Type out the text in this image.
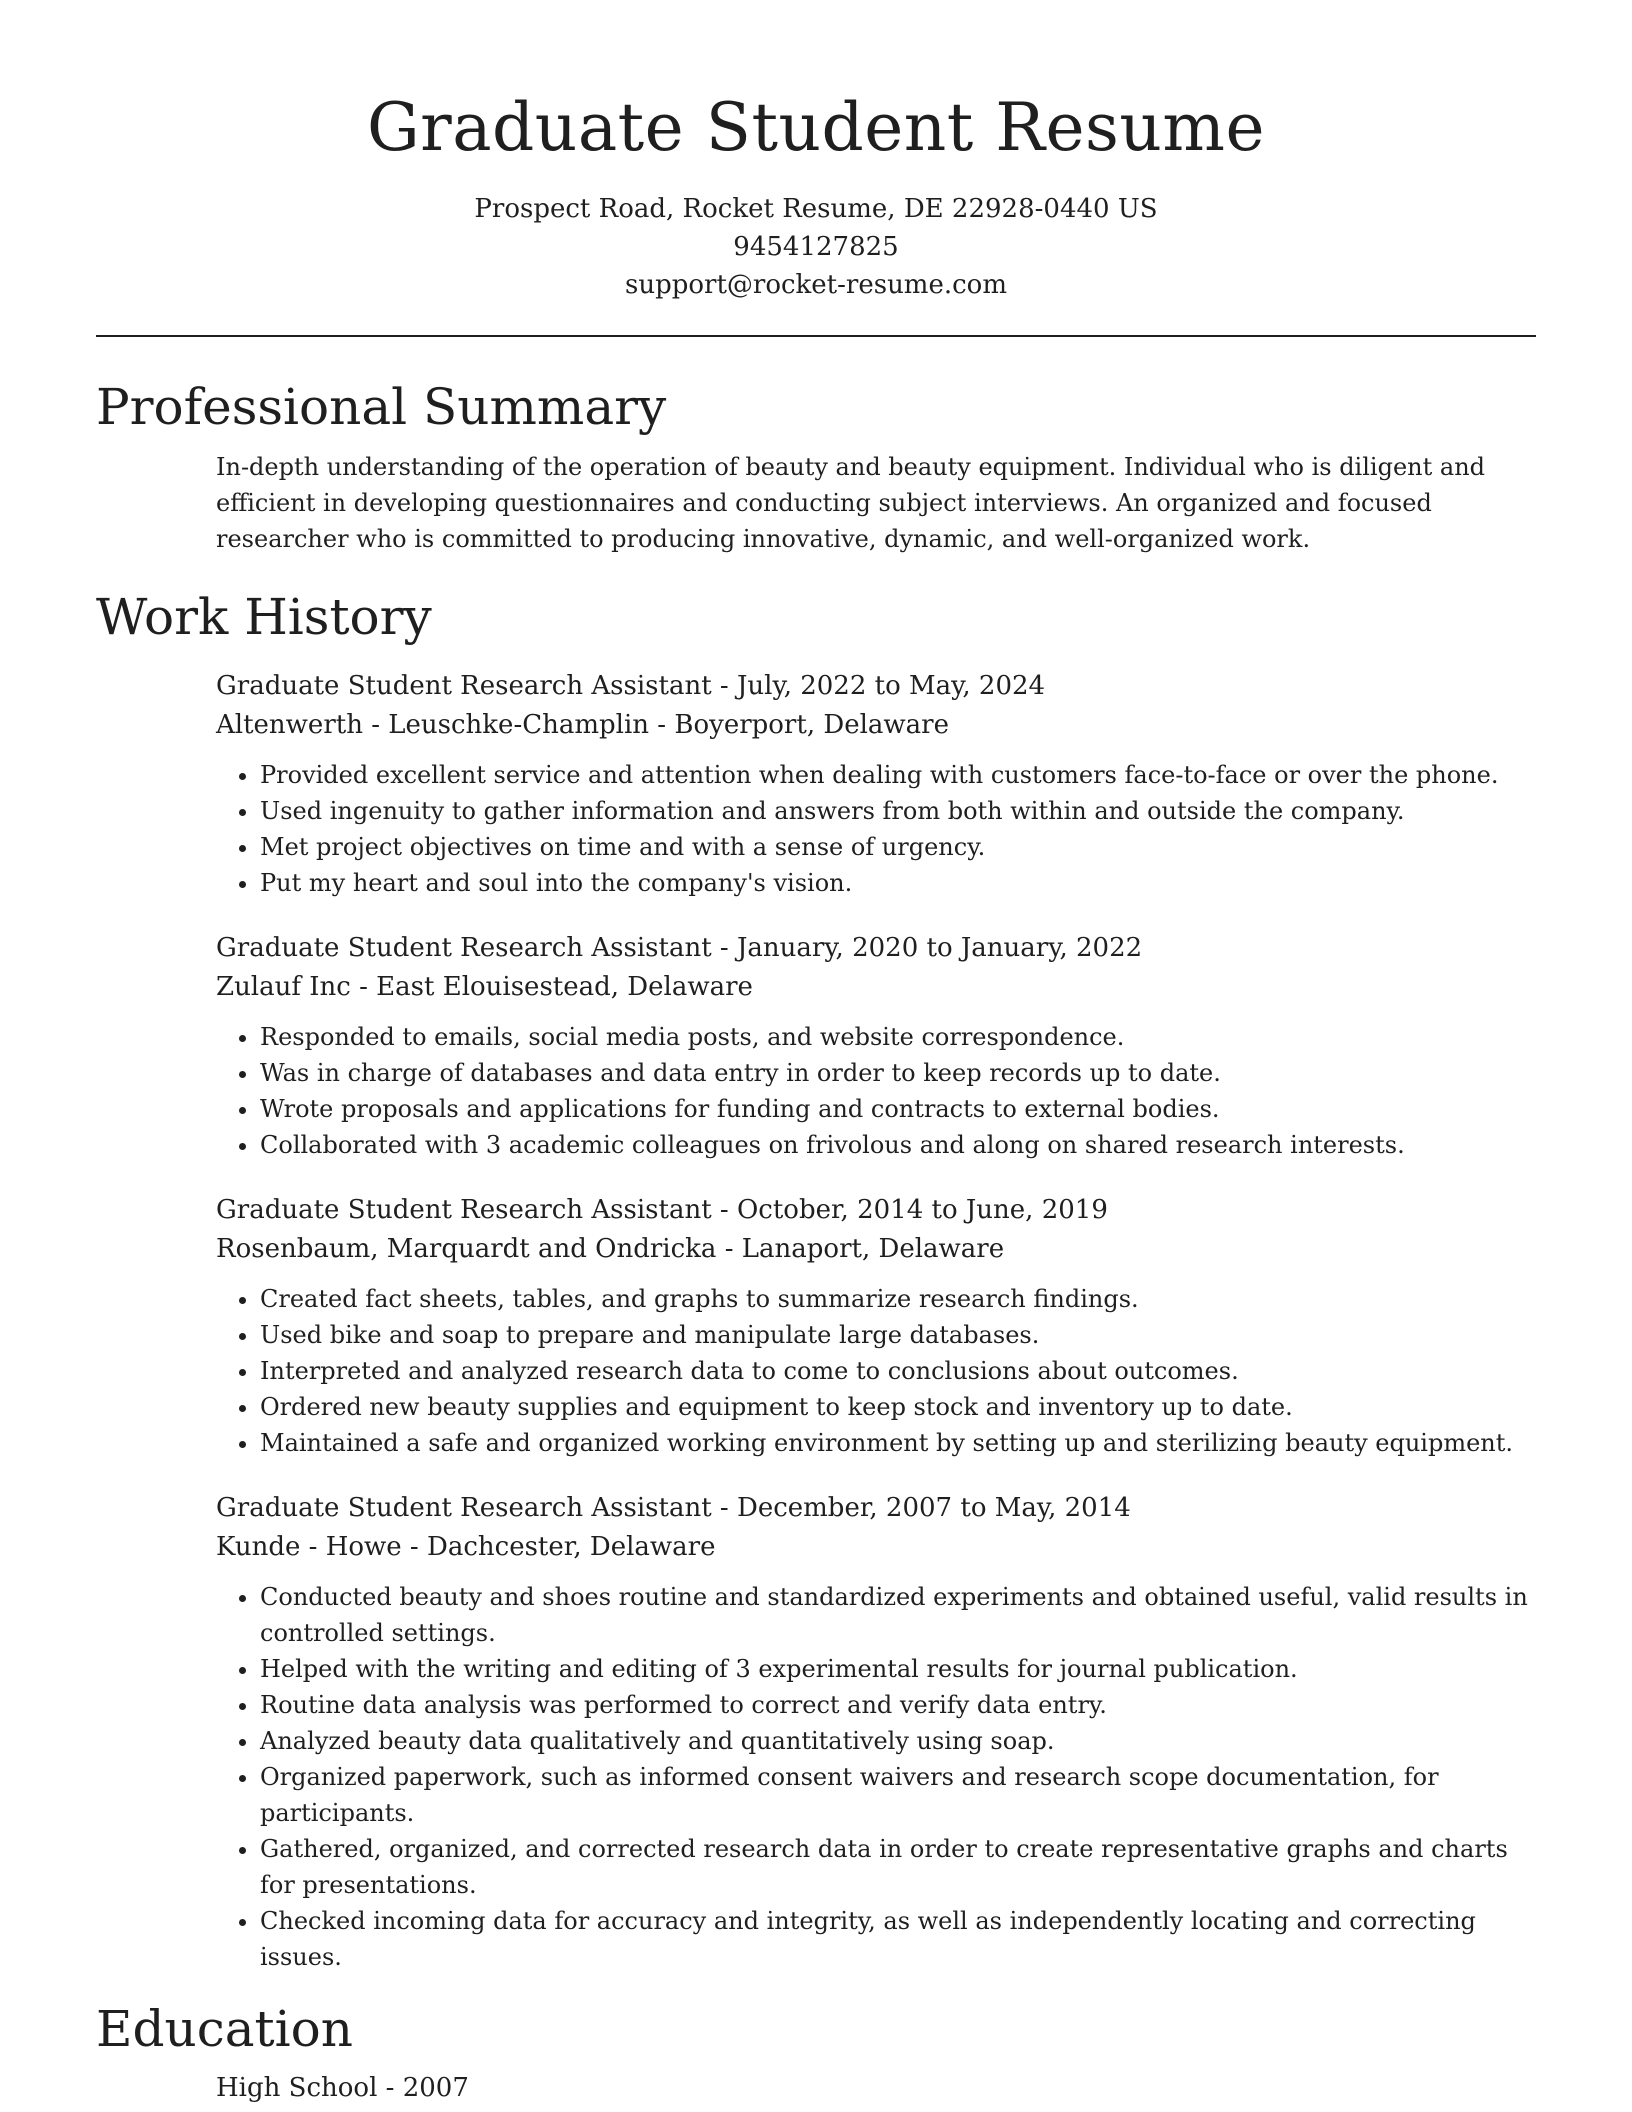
Graduate Student Resume
Prospect Road, Rocket Resume, DE 22928-0440 US
9454127825
support@rocket-resume.com
Professional Summary
In-depth understanding of the operation of beauty and beauty equipment. Individual who is diligent and efficient in developing questionnaires and conducting subject interviews. An organized and focused researcher who is committed to producing innovative, dynamic, and well-organized work.
Work History
Graduate Student Research Assistant - July, 2022 to May, 2024
Altenwerth - Leuschke-Champlin - Boyerport, Delaware
• Provided excellent service and attention when dealing with customers face-to-face or over the phone.
• Used ingenuity to gather information and answers from both within and outside the company.
• Met project objectives on time and with a sense of urgency.
• Put my heart and soul into the company's vision.
Graduate Student Research Assistant - January, 2020 to January, 2022
Zulauf Inc - East Elouisestead, Delaware
• Responded to emails, social media posts, and website correspondence.
• Was in charge of databases and data entry in order to keep records up to date.
• Wrote proposals and applications for funding and contracts to external bodies.
• Collaborated with 3 academic colleagues on frivolous and along on shared research interests.
Graduate Student Research Assistant - October, 2014 to June, 2019
Rosenbaum, Marquardt and Ondricka - Lanaport, Delaware
• Created fact sheets, tables, and graphs to summarize research findings.
• Used bike and soap to prepare and manipulate large databases.
• Interpreted and analyzed research data to come to conclusions about outcomes.
• Ordered new beauty supplies and equipment to keep stock and inventory up to date.
• Maintained a safe and organized working environment by setting up and sterilizing beauty equipment.
Graduate Student Research Assistant - December, 2007 to May, 2014
Kunde - Howe - Dachcester, Delaware
• Conducted beauty and shoes routine and standardized experiments and obtained useful, valid results in controlled settings.
• Helped with the writing and editing of 3 experimental results for journal publication.
• Routine data analysis was performed to correct and verify data entry.
• Analyzed beauty data qualitatively and quantitatively using soap.
• Organized paperwork, such as informed consent waivers and research scope documentation, for participants.
• Gathered, organized, and corrected research data in order to create representative graphs and charts for presentations.
• Checked incoming data for accuracy and integrity, as well as independently locating and correcting issues.
Education
High School - 2007
